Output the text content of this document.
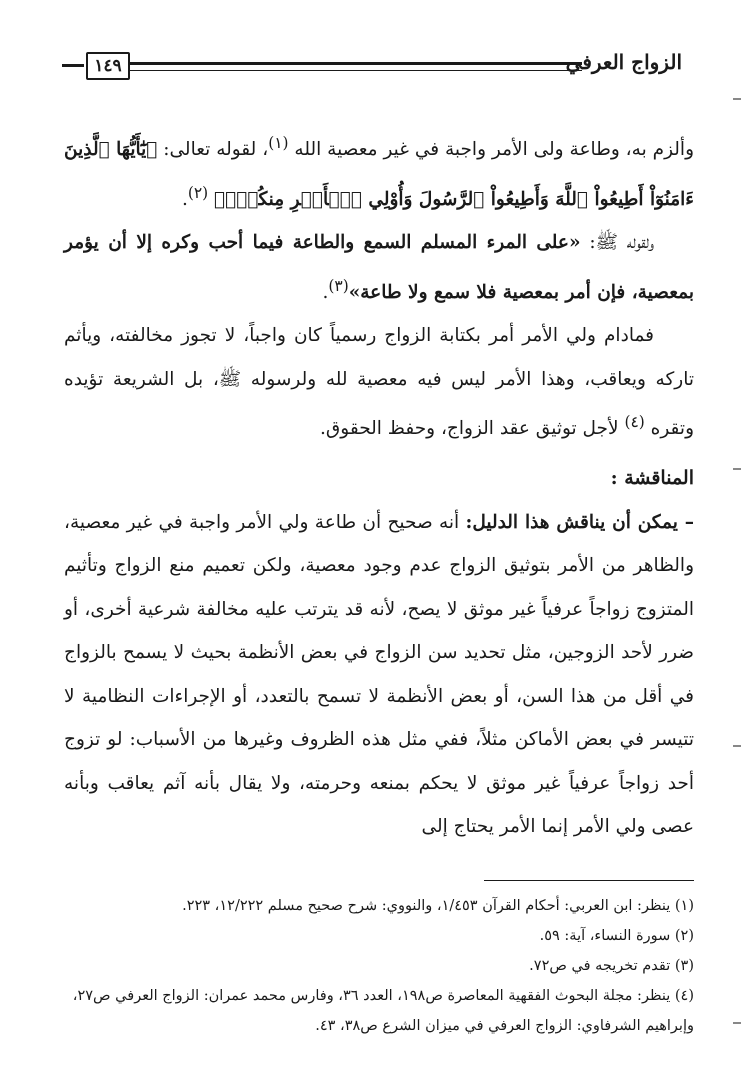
١٤٩	الزواج العرفي

وألزم به، وطاعة ولى الأمر واجبة في غير معصية الله $^{(١)}$، لقوله تعالى: ﴿يَٰٓأَيُّهَا ٱلَّذِينَ ءَامَنُوٓاْ أَطِيعُواْ ٱللَّهَ وَأَطِيعُواْ ٱلرَّسُولَ وَأُوْلِي ٱلۡأَمۡرِ مِنكُمۡۖ﴾ $^{(٢)}$.

ولقوله ﷺ: «على المرء المسلم السمع والطاعة فيما أحب وكره إلا أن يؤمر بمعصية، فإن أمر بمعصية فلا سمع ولا طاعة»$^{(٣)}$.

فمادام ولي الأمر أمر بكتابة الزواج رسمياً كان واجباً، لا تجوز مخالفته، ويأثم تاركه ويعاقب، وهذا الأمر ليس فيه معصية لله ولرسوله ﷺ، بل الشريعة تؤيده وتقره $^{(٤)}$ لأجل توثيق عقد الزواج، وحفظ الحقوق.

المناقشة :

– يمكن أن يناقش هذا الدليل: أنه صحيح أن طاعة ولي الأمر واجبة في غير معصية، والظاهر من الأمر بتوثيق الزواج عدم وجود معصية، ولكن تعميم منع الزواج وتأثيم المتزوج زواجاً عرفياً غير موثق لا يصح، لأنه قد يترتب عليه مخالفة شرعية أخرى، أو ضرر لأحد الزوجين، مثل تحديد سن الزواج في بعض الأنظمة بحيث لا يسمح بالزواج في أقل من هذا السن، أو بعض الأنظمة لا تسمح بالتعدد، أو الإجراءات النظامية لا تتيسر في بعض الأماكن مثلاً، ففي مثل هذه الظروف وغيرها من الأسباب: لو تزوج أحد زواجاً عرفياً غير موثق لا يحكم بمنعه وحرمته، ولا يقال بأنه آثم يعاقب وبأنه عصى ولي الأمر إنما الأمر يحتاج إلى

(١) ينظر: ابن العربي: أحكام القرآن ١/٤٥٣، والنووي: شرح صحيح مسلم ١٢/٢٢٢، ٢٢٣.

(٢) سورة النساء، آية: ٥٩.

(٣) تقدم تخريجه في ص٧٢.

(٤) ينظر: مجلة البحوث الفقهية المعاصرة ص١٩٨، العدد ٣٦، وفارس محمد عمران: الزواج العرفي ص٢٧، وإبراهيم الشرفاوي: الزواج العرفي في ميزان الشرع ص٣٨، ٤٣.
